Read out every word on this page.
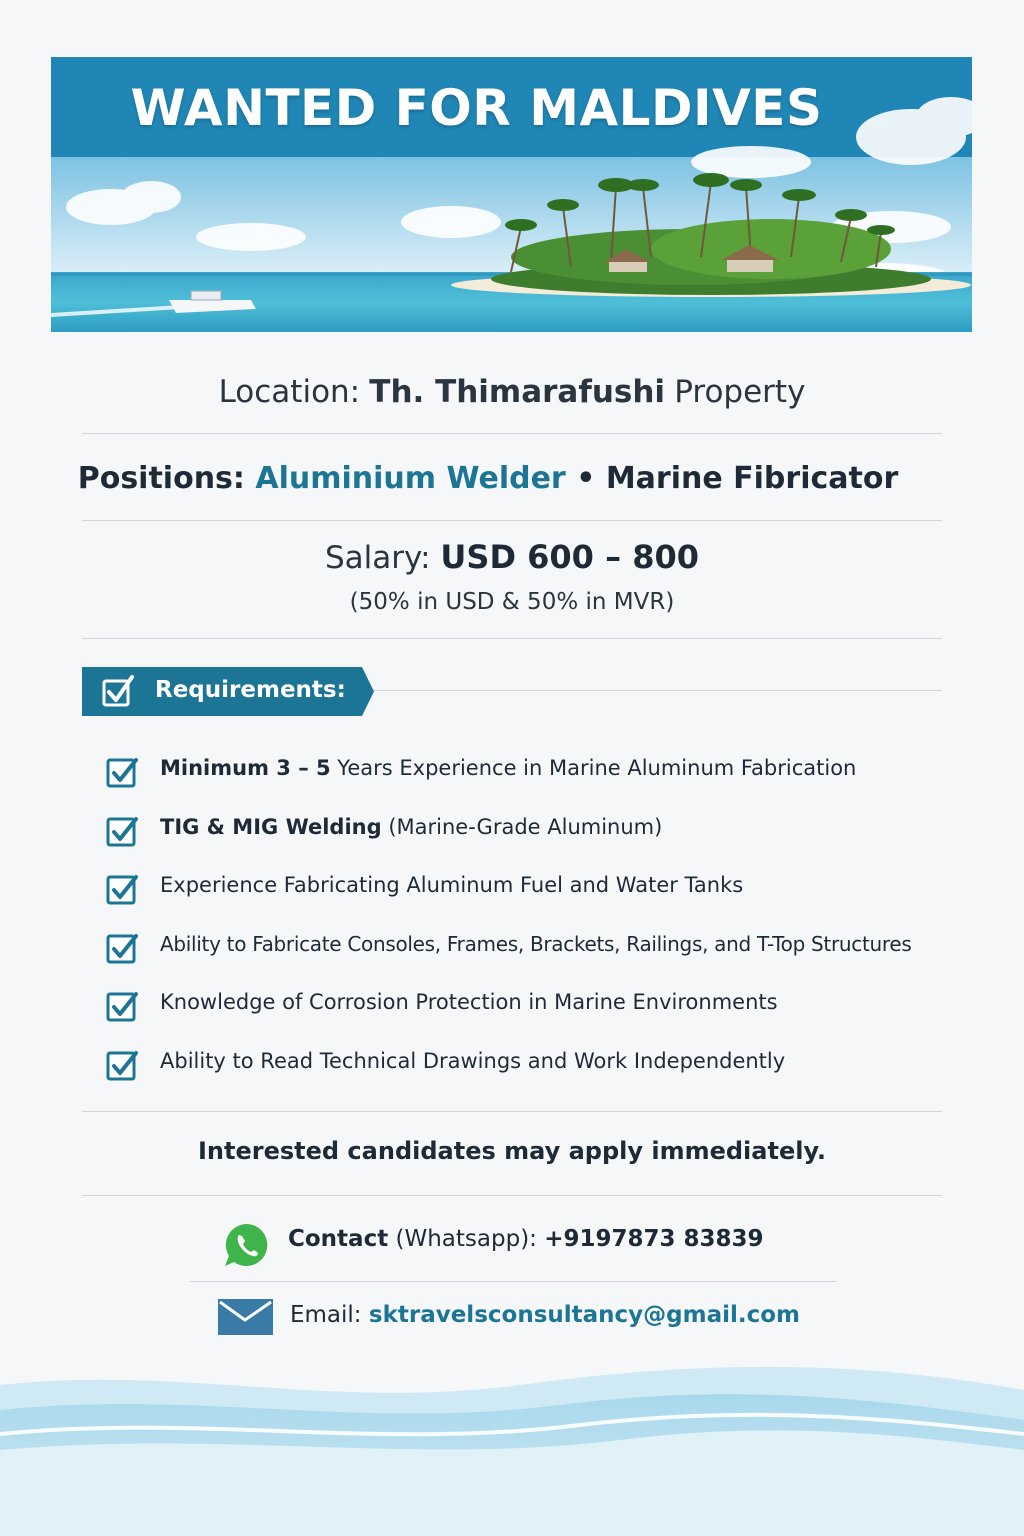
WANTED FOR MALDIVES
Location: Th. Thimarafushi Property
Positions: Aluminium Welder • Marine Fibricator
Salary: USD 600 – 800
(50% in USD & 50% in MVR)
Requirements:
Minimum 3 – 5 Years Experience in Marine Aluminum Fabrication
TIG & MIG Welding (Marine-Grade Aluminum)
Experience Fabricating Aluminum Fuel and Water Tanks
Ability to Fabricate Consoles, Frames, Brackets, Railings, and T-Top Structures
Knowledge of Corrosion Protection in Marine Environments
Ability to Read Technical Drawings and Work Independently
Interested candidates may apply immediately.
Contact (Whatsapp): +9197873 83839
Email: sktravelsconsultancy@gmail.com
